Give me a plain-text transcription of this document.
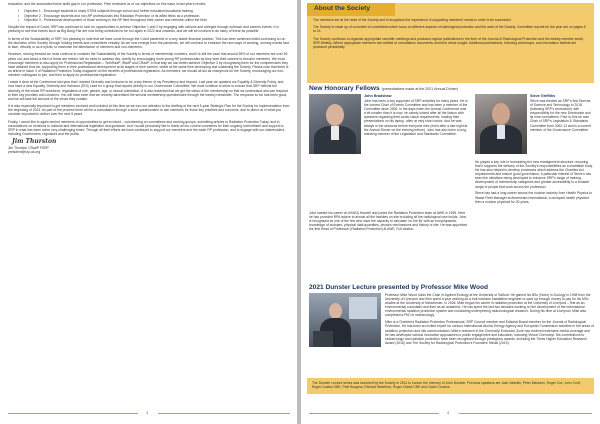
education, and the associated future skills gap in our profession. Pete reminded us of our objectives on this issue in last year's review:

• Objective 1 - Encourage students to study STEM subjects through school and further education/vocational training
• Objective 2 - Encourage students and non-RP professionals into Radiation Protection or its allied fields as a profession.
• Objective 3 - Professional development of those working in the RP field throughout their career and retention within the field.

Despite the impact of Covid, SRP has continued to look for opportunities to achieve Objective 1 and 2 by engaging with schools and colleges through outreach and careers events. It is pleasing to see that events such as Big Bang Fair are now being scheduled to be run again in 2022 and onwards, and we will be involved in as many of these as possible.

In terms of the Sustainability of SRP, it is pleasing to note that we have come through the Covid pandemic in a very stable financial position. This has been achieved whilst continuing to run the business of the Society through holding events and committees virtually. As we now emerge from the pandemic, we will continue to embrace the new ways of working, running events face to face, virtually or as a hybrid, to maximise the attendance of members and non-members.

However, moving forward we must continue to consider the Sustainability of the Society in terms of membership numbers, and it is still the case that around 55% of our members are over 50 years old, and about a third of these are retired. We do need to address this, chiefly by encouraging more young RP professionals as they start their careers to become members. We must encourage members to also apply for Professional Registration – TechRadP, IRadP and CRadP. In that way we can better achieve Objective 3 by recognising them for the competencies they have attained thus far, supporting them in their professional development at all stages of their careers, whilst at the same time developing and sustaining the Society. Please note that there is an article in Issue 3 of Radiation Protection Today magazine on the benefits of professional registration. As members, we should all act as champions for the Society, encouraging our non-member colleagues to join, and then to apply for professional registration.

I made it clear at the Conference last year that I wanted Diversity and Inclusion to be a key theme of my Presidency and beyond. Last year we updated our Equality & Diversity Policy, and now have a new Equality, Diversity and Inclusion (EDI) Lead for a group that reports directly to our Governance Committee. We must continue to strive to ensure that SRP reflects the diversity of the whole RP workforce, regardless of role, gender, age, or sexual orientation. It is also essential that we get the views of the membership so that we understand and can respond to their key priorities and concerns. You will have seen that we recently advertised the second membership questionnaire through the weekly newsletter. The response so far has been good, and we will take full account of the views they contain.

It is also especially important to get members involved and included at this time as we turn our attention to the drafting of the next 5-year Strategic Plan for the Society for implementation from the beginning of 2023. As part of the process there will be a consultation through a short questionnaire to ask members for those key priorities and concerns, and to direct us in what you consider important to deliver over the next 5 years.

Finally, I would like to again remind members of opportunities to get involved – volunteering on committees and working groups, submitting articles to Radiation Protection Today, and in consultations on revisions to national and international legislation and guidance. And I would personally like to thank all our current volunteers for their ongoing commitment and support to SRP in what has been some very challenging times. Through all their efforts we have continued to support our members and the wider RP profession, and to engage with our stakeholders, including Government, regulators and the public.

Jim Thurston
Jim Thurston CRadP FSRP
president@srp-uk.org
3
About the Society

The members are at the heart of the Society and it recognises the importance of supporting members' needs in order to be successful.

The Society is made up of a number of committees which focus on different aspects of radiological protection and the work of the Society. Committee reports for the year are on pages 8 to 14.

The Society continues to organise appropriate scientific meetings and produces regular publications in the form of the Journal of Radiological Protection and the weekly member email, SRP Weekly. Where appropriate members are notified of consultation documents and their views sought. Additional publications, following workshops, and information leaflets are produced periodically.

New Honorary Fellows (presentations made at the 2021 Annual Dinner)
John Bradshaw

John has been a key supporter of SRP activities for many years. He is the current Chair of Events Committee and has been a member of the Committee since 2005. In the days when the Annual Conference was a bit smaller than it is now, he calmly looked after all the liaison with speakers regarding their audio-visual requirements, loading their presentations on his laptop, often at very short notice. And he was always in the sessions before everyone else (even after a late night at the Annual Dinner on the evening before). John has also been a long-standing member of the Legislation and Standards Committee.

John started his career at UKAEA Harwell and joined the Radiation Protection team at AWE in 1995. Here he has provided RPA advice to almost all the facilities on site including all the radiological new builds. John is recognised as one of the few who have the capacity to calculate 'on the fly' with an encyclopaedic knowledge of isotopes, physical data quantities, physics mechanisms and history of site. He was appointed the first Head of Profession (Radiation Protection) at AWE. Full citation

Steve Griffiths

Steve was elected as SRP's first Director of Science and Technology in 2018 (following SRP's restructure) with responsibility for the new Directorate and its nine committees. Prior to this he was Chair of SRP's Legislation & Standards Committee from 2002-13 and is a current member of the Governance Committee.

He played a key role in formulating the new management structure, ensuring that it supports the delivery of the Society's responsibilities as a charitable body. He has also helped to develop processes which address the Charities Act requirements and ensure good governance. A particular interest of Steve's has been the initiatives being developed to enhance SRP's range of training, development of membership categories and greater accessibility to a broader range of people that work across the profession.

Steve has had a long career across the nuclear industry from Health Physics to Waste Fleet Manager at Amersham International, a dockyard health physicist then a nuclear physicist for 30 years.

2021 Dunster Lecture presented by Professor Mike Wood

Professor Mike Wood holds the Chair in Applied Ecology at the University of Salford. He gained his BSc (Hons) in Zoology in 1998 from the University of Liverpool and then spent a year working as a fruit machine installation engineer to save up enough money to pay for his MSc studies at the University of Manchester. In 2006, Mike began his career in radiation protection at the University of Liverpool – first as an environmental consultant and then as an academic. He has spent the last two decades working on the development of the international environmental radiation protection system and conducting underpinning radioecological research. During his time at Liverpool, Mike also completed a PhD in radioecology.

Mike is a Chartered Radiation Protection Professional, SRP Council member and Editorial Board member for the Journal of Radiological Protection. He has been an invited expert for various International Atomic Energy Agency and European Commission activities in the areas of radiation protection and risk communication. Mike's research in the Chernobyl Exclusion Zone has received extensive media coverage and he has developed various innovative approaches to public engagement and education, including Virtual Chernobyl. His contributions to radioecology and radiation protection have been recognised through prestigious awards, including the Times Higher Education Research Award (2016) and The Society for Radiological Protection's Founders' Medal (2019).

The Dunster Lecture series was launched by the Society in 2011 to honour the memory of John Dunster. Previous speakers are Jack Valentin, Peter Marsden, Roger Cox, John Croft, Roger Coates OBE, Pete Burgess, Richard Wakeford, Roger Clarke CBE and Claire Cousins.

4
